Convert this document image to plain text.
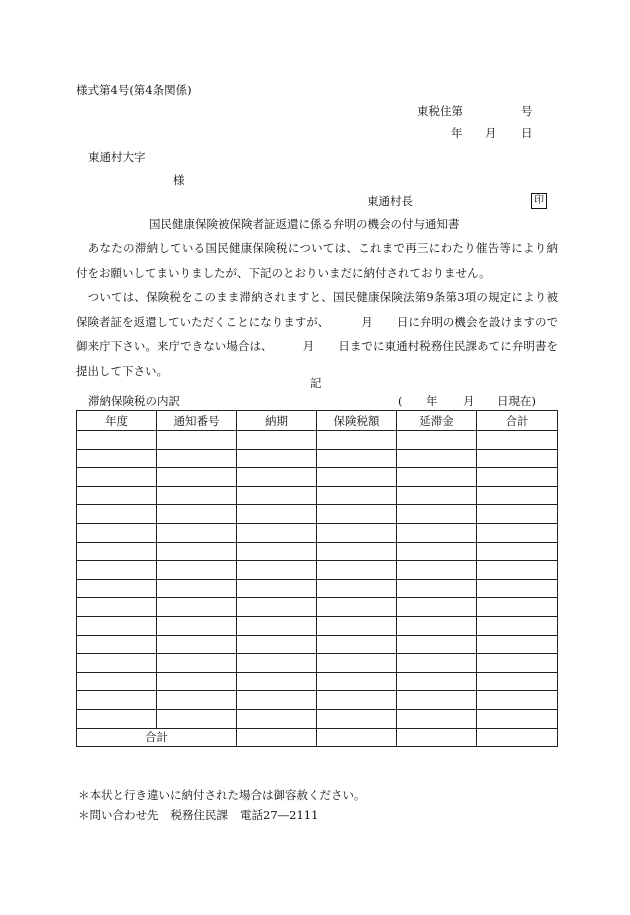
様式第4号(第4条関係)
東税住第	号
年 月 日
東通村大字
様
東通村長	印
国民健康保険被保険者証返還に係る弁明の機会の付与通知書
あなたの滞納している国民健康保険税については、これまで再三にわたり催告等により納付をお願いしてまいりましたが、下記のとおりいまだに納付されておりません。
ついては、保険税をこのまま滞納されますと、国民健康保険法第9条第3項の規定により被保険者証を返還していただくことになりますが、	月 日に弁明の機会を設けますので御来庁下さい。来庁できない場合は、	月 日までに東通村税務住民課あてに弁明書を提出して下さい。
記
滞納保険税の内訳	( 年 月 日現在)
年度	通知番号	納期	保険税額	延滞金	合計

合計					
＊本状と行き違いに納付された場合は御容赦ください。
＊問い合わせ先 税務住民課 電話27―2111
